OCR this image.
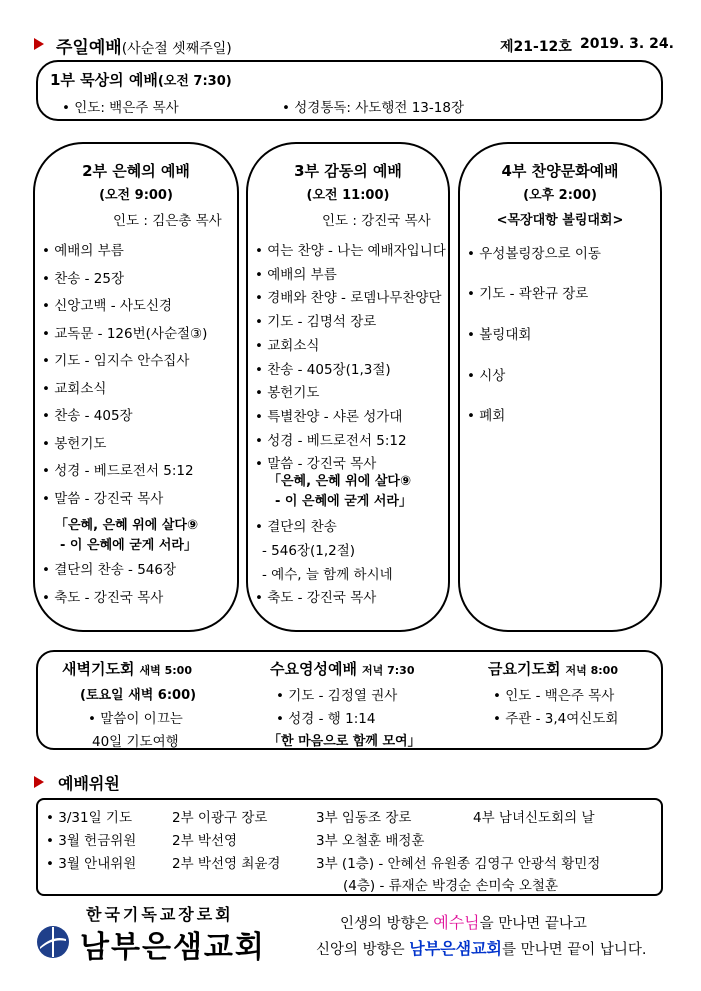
주일예배(사순절 셋째주일)	제21-12호 2019. 3. 24.
1부 묵상의 예배(오전 7:30)
• 인도: 백은주 목사	• 성경통독: 사도행전 13-18장
2부 은혜의 예배
(오전 9:00)
인도 : 김은총 목사
• 예배의 부름
• 찬송 - 25장
• 신앙고백 - 사도신경
• 교독문 - 126번(사순절③)
• 기도 - 임지수 안수집사
• 교회소식
• 찬송 - 405장
• 봉헌기도
• 성경 - 베드로전서 5:12
• 말씀 - 강진국 목사
「은혜, 은혜 위에 살다⑨
- 이 은혜에 굳게 서라」
• 결단의 찬송 - 546장
• 축도 - 강진국 목사
3부 감동의 예배
(오전 11:00)
인도 : 강진국 목사
• 여는 찬양 - 나는 예배자입니다
• 예배의 부름
• 경배와 찬양 - 로뎀나무찬양단
• 기도 - 김명석 장로
• 교회소식
• 찬송 - 405장(1,3절)
• 봉헌기도
• 특별찬양 - 샤론 성가대
• 성경 - 베드로전서 5:12
• 말씀 - 강진국 목사
「은혜, 은혜 위에 살다⑨
- 이 은혜에 굳게 서라」
• 결단의 찬송
- 546장(1,2절)
- 예수, 늘 함께 하시네
• 축도 - 강진국 목사
4부 찬양문화예배
(오후 2:00)
<목장대항 볼링대회>
• 우성볼링장으로 이동
• 기도 - 곽완규 장로
• 볼링대회
• 시상
• 폐회
새벽기도회 새벽 5:00
(토요일 새벽 6:00)
• 말씀이 이끄는
40일 기도여행
수요영성예배 저녁 7:30
• 기도 - 김정열 권사
• 성경 - 행 1:14
「한 마음으로 함께 모여」
금요기도회 저녁 8:00
• 인도 - 백은주 목사
• 주관 - 3,4여신도회
예배위원
• 3/31일 기도	2부 이광구 장로	3부 임동조 장로	4부 남녀신도회의 날
• 3월 헌금위원	2부 박선영	3부 오철훈 배정훈
• 3월 안내위원	2부 박선영 최윤경	3부 (1층) - 안혜선 유원종 김영구 안광석 황민정
(4층) - 류재순 박경순 손미숙 오철훈
한국기독교장로회
남부은샘교회
인생의 방향은 예수님을 만나면 끝나고
신앙의 방향은 남부은샘교회를 만나면 끝이 납니다.
